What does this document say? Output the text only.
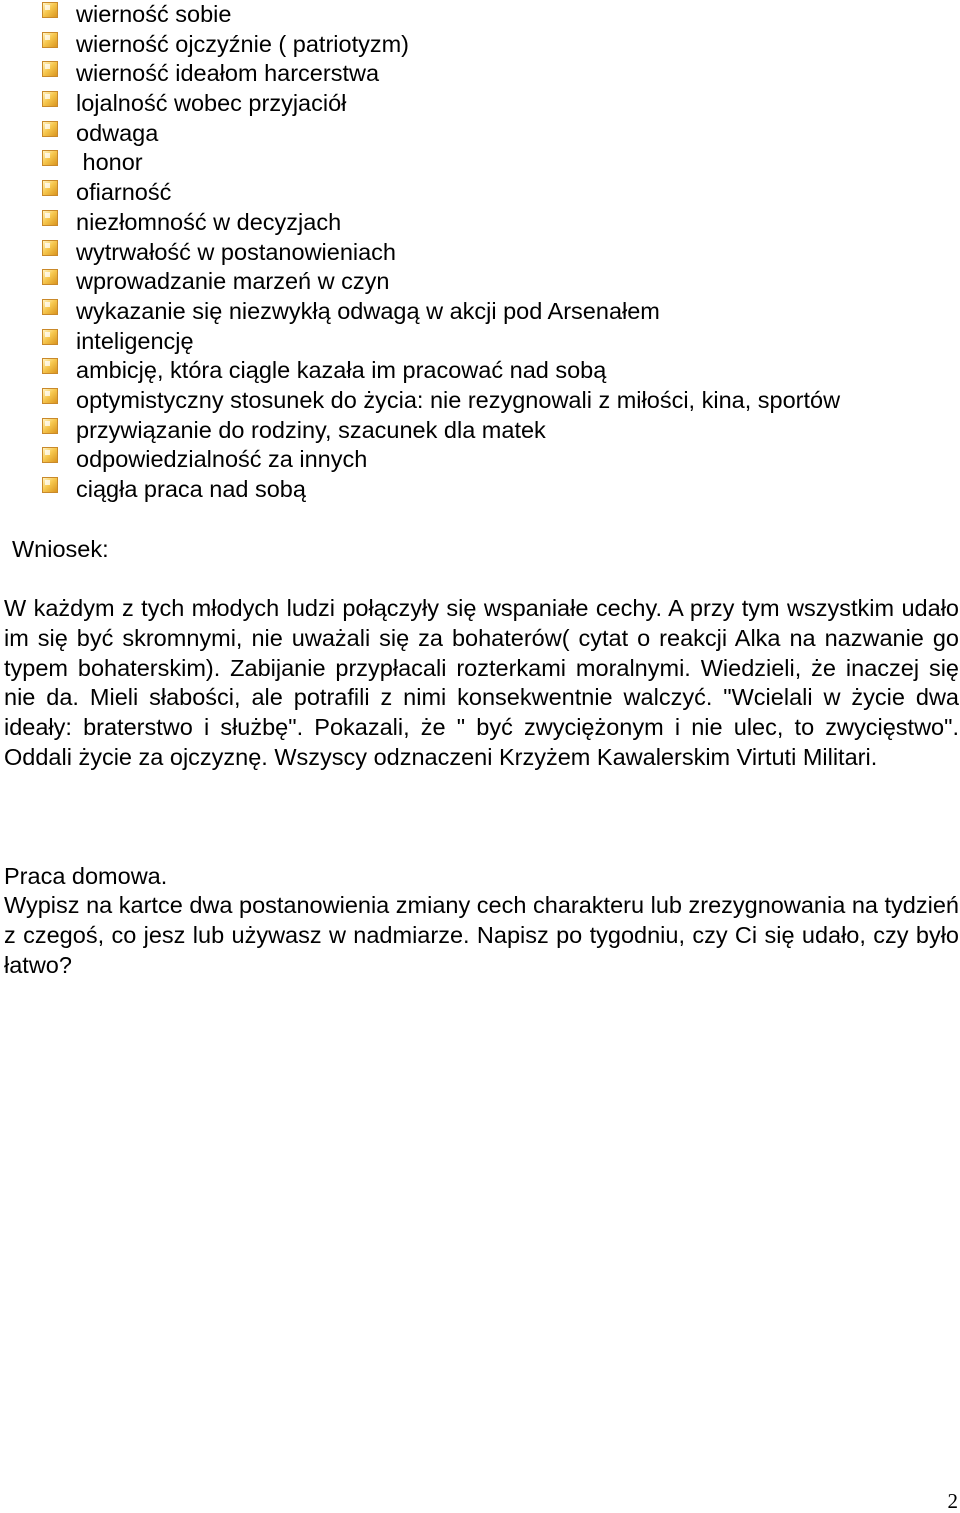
wierność sobie
wierność ojczyźnie ( patriotyzm)
wierność ideałom harcerstwa
lojalność wobec przyjaciół
odwaga
honor
ofiarność
niezłomność w decyzjach
wytrwałość w postanowieniach
wprowadzanie marzeń w czyn
wykazanie się niezwykłą odwagą w akcji pod Arsenałem
inteligencję
ambicję, która ciągle kazała im pracować nad sobą
optymistyczny stosunek do życia: nie rezygnowali z miłości, kina, sportów
przywiązanie do rodziny, szacunek dla matek
odpowiedzialność za innych
ciągła praca nad sobą
Wniosek:

W każdym z tych młodych ludzi połączyły się wspaniałe cechy. A przy tym wszystkim udało im się być skromnymi, nie uważali się za bohaterów( cytat o reakcji Alka na nazwanie go typem bohaterskim). Zabijanie przypłacali rozterkami moralnymi. Wiedzieli, że inaczej się nie da. Mieli słabości, ale potrafili z nimi konsekwentnie walczyć. "Wcielali w życie dwa ideały: braterstwo i służbę". Pokazali, że " być zwyciężonym i nie ulec, to zwycięstwo". Oddali życie za ojczyznę. Wszyscy odznaczeni Krzyżem Kawalerskim Virtuti Militari.

Praca domowa.

Wypisz na kartce dwa postanowienia zmiany cech charakteru lub zrezygnowania na tydzień z czegoś, co jesz lub używasz w nadmiarze. Napisz po tygodniu, czy Ci się udało, czy było łatwo?

2
